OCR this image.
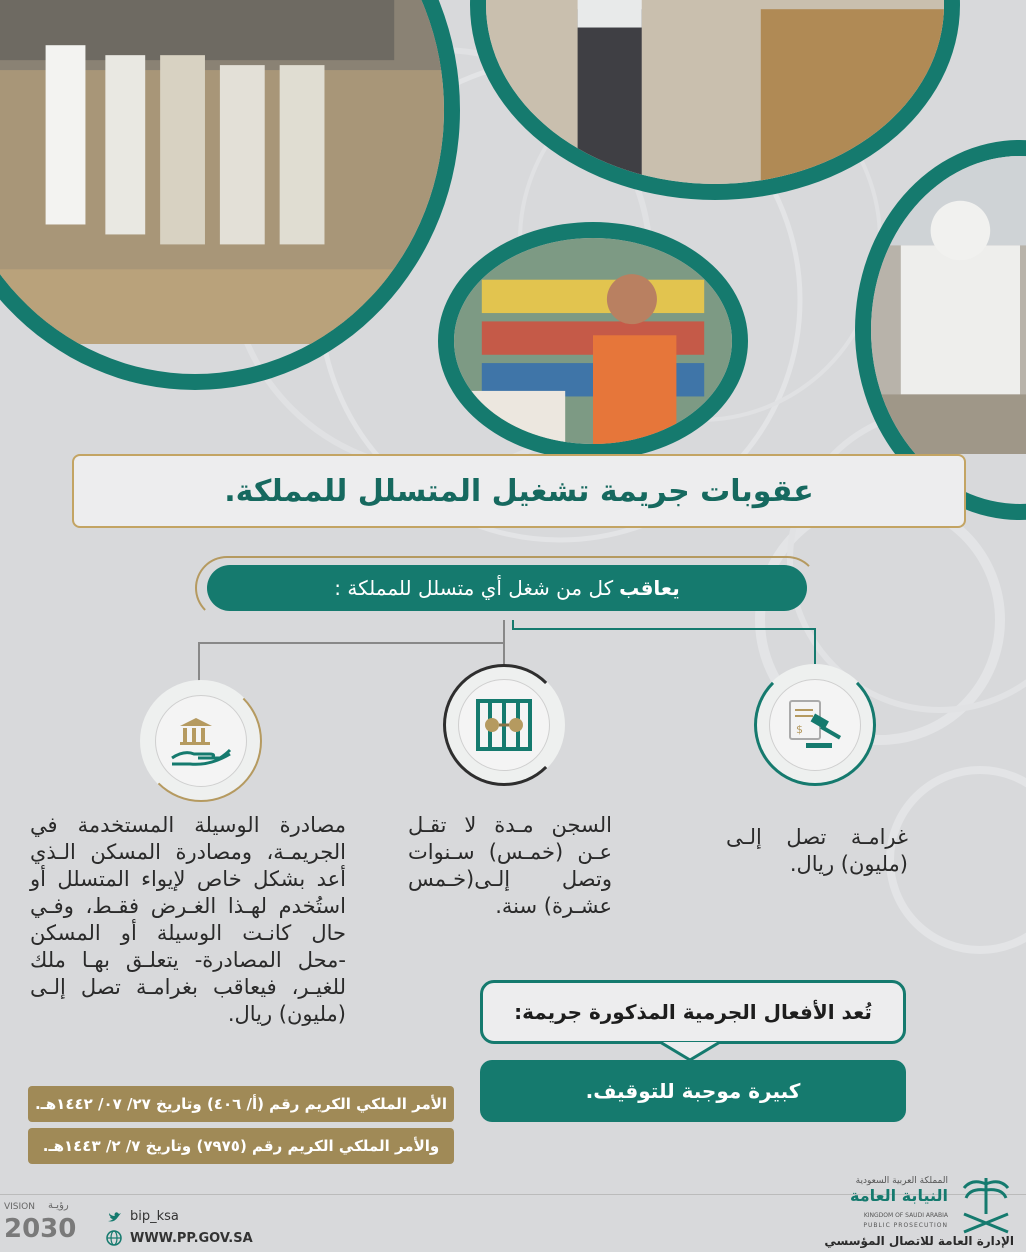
عقوبات جريمة تشغيل المتسلل للمملكة.
يعاقب
كل من شغل أي متسلل للمملكة :
$
غرامـة تصل إلـى (مليون) ريال.
السجن مـدة لا تقـل عـن (خمـس) سـنوات وتصل إلـى(خـمس عشـرة) سنة.
مصادرة الوسيلة المستخدمة في الجريمـة، ومصادرة المسكن الـذي أعد بشكل خاص لإيواء المتسلل أو استُخدم لهـذا الغـرض فقـط، وفـي حال كانـت الوسيلة أو المسكن -محل المصادرة- يتعلـق بهـا ملك للغيـر، فيعاقب بغرامـة تصل إلـى (مليون) ريال.
الأمر الملكي الكريم رقم (أ/ ٤٠٦) وتاريخ ٢٧/ ٠٧/ ١٤٤٢هـ.
والأمر الملكي الكريم رقم (٧٩٧٥) وتاريخ ٧/ ٢/ ١٤٤٣هـ.
تُعد الأفعال الجرمية المذكورة جريمة:
كبيرة موجبة للتوقيف.
VISION رؤيـة
2030	bip_ksa
WWW.PP.GOV.SA
المملكة العربية السعودية
النيابة العامة
KINGDOM OF SAUDI ARABIA
PUBLIC PROSECUTION
الإدارة العامة للاتصال المؤسسي
